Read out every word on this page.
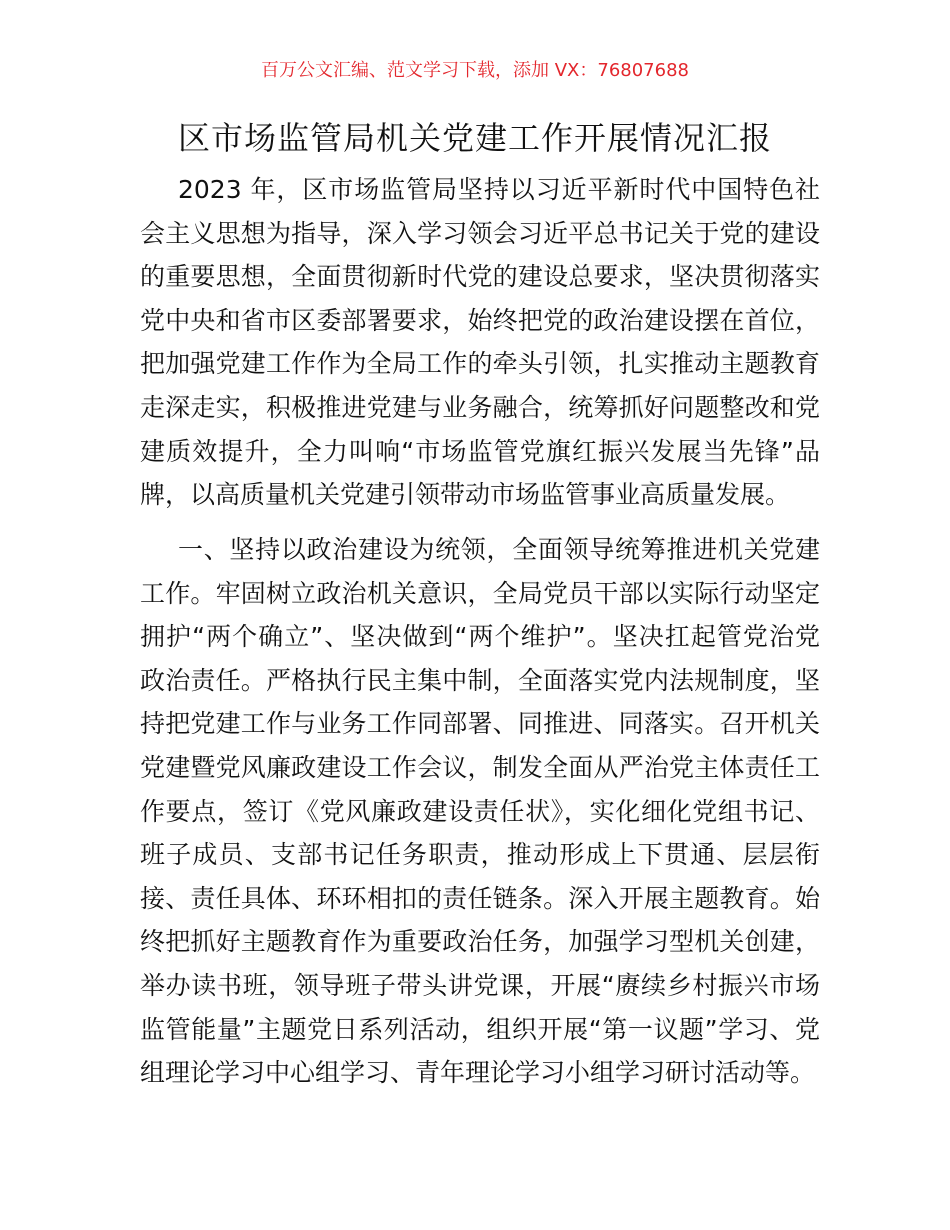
百万公文汇编、范文学习下载，添加 VX：76807688
区市场监管局机关党建工作开展情况汇报
2023 年，区市场监管局坚持以习近平新时代中国特色社
会主义思想为指导，深入学习领会习近平总书记关于党的建设
的重要思想，全面贯彻新时代党的建设总要求，坚决贯彻落实
党中央和省市区委部署要求，始终把党的政治建设摆在首位，
把加强党建工作作为全局工作的牵头引领，扎实推动主题教育
走深走实，积极推进党建与业务融合，统筹抓好问题整改和党
建质效提升，全力叫响“市场监管党旗红振兴发展当先锋”品
牌，以高质量机关党建引领带动市场监管事业高质量发展。
一、坚持以政治建设为统领，全面领导统筹推进机关党建
工作。牢固树立政治机关意识，全局党员干部以实际行动坚定
拥护“两个确立”、坚决做到“两个维护”。坚决扛起管党治党
政治责任。严格执行民主集中制，全面落实党内法规制度，坚
持把党建工作与业务工作同部署、同推进、同落实。召开机关
党建暨党风廉政建设工作会议，制发全面从严治党主体责任工
作要点，签订《党风廉政建设责任状》，实化细化党组书记、
班子成员、支部书记任务职责，推动形成上下贯通、层层衔
接、责任具体、环环相扣的责任链条。深入开展主题教育。始
终把抓好主题教育作为重要政治任务，加强学习型机关创建，
举办读书班，领导班子带头讲党课，开展“赓续乡村振兴市场
监管能量”主题党日系列活动，组织开展“第一议题”学习、党
组理论学习中心组学习、青年理论学习小组学习研讨活动等。
